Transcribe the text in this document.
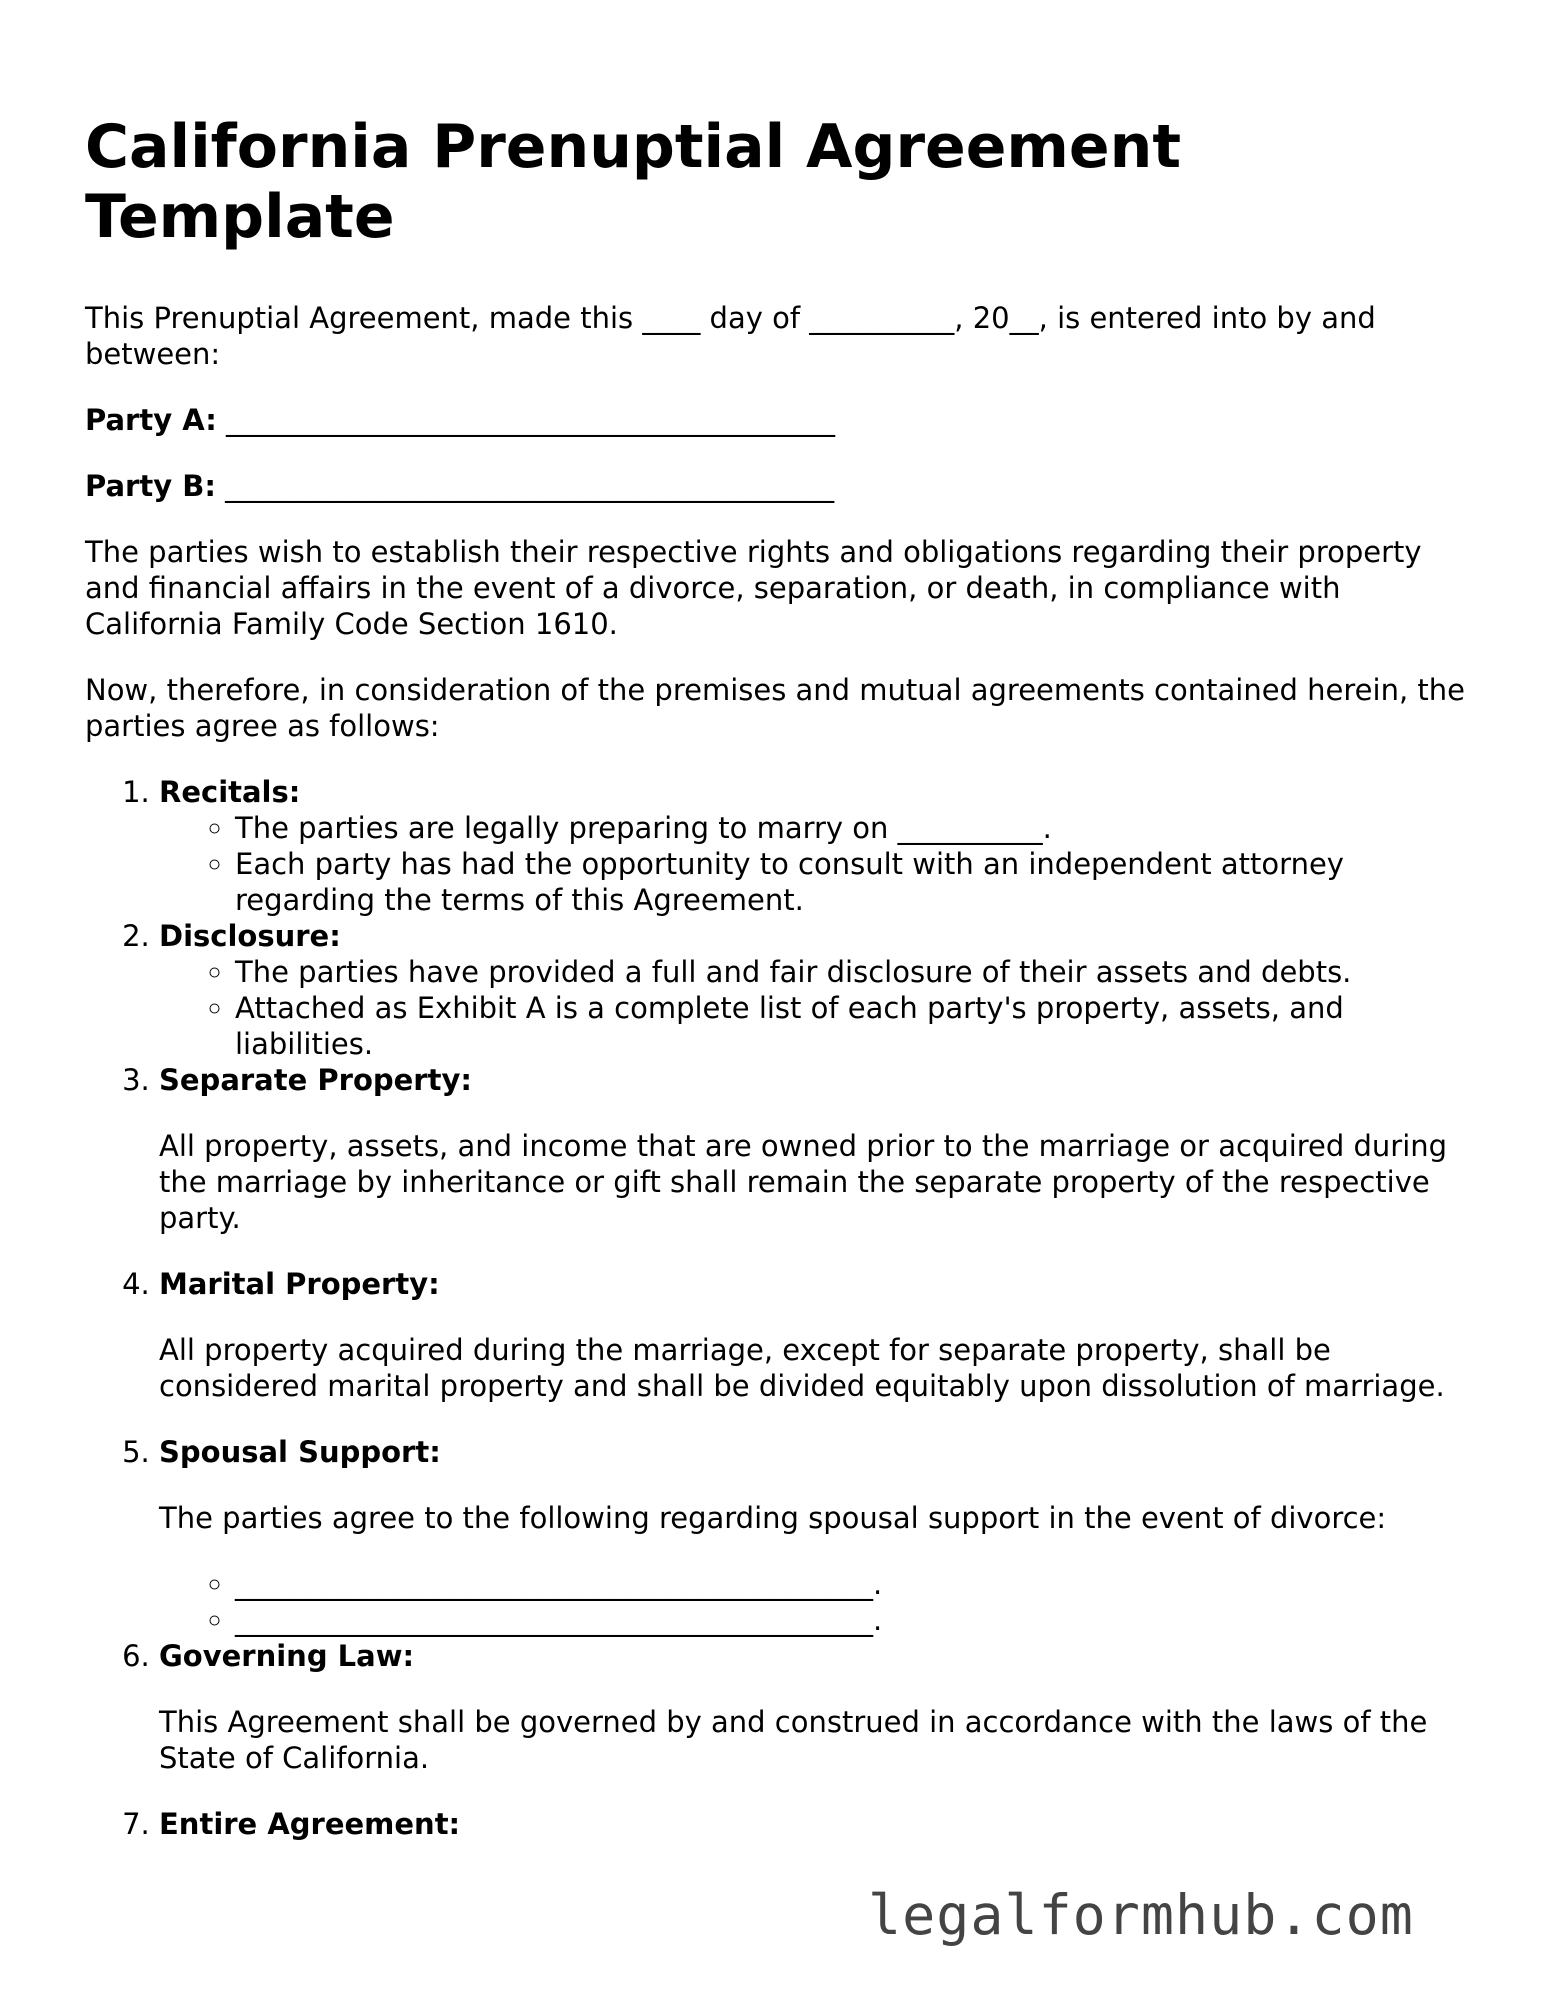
California Prenuptial Agreement Template

This Prenuptial Agreement, made this ____ day of __________, 20__, is entered into by and between:

Party A: __________________________________________

Party B: __________________________________________

The parties wish to establish their respective rights and obligations regarding their property and financial affairs in the event of a divorce, separation, or death, in compliance with California Family Code Section 1610.

Now, therefore, in consideration of the premises and mutual agreements contained herein, the parties agree as follows:

1. Recitals:
◦ The parties are legally preparing to marry on __________.
◦ Each party has had the opportunity to consult with an independent attorney regarding the terms of this Agreement.
2. Disclosure:
◦ The parties have provided a full and fair disclosure of their assets and debts.
◦ Attached as Exhibit A is a complete list of each party's property, assets, and liabilities.
3. Separate Property:

All property, assets, and income that are owned prior to the marriage or acquired during the marriage by inheritance or gift shall remain the separate property of the respective party.

4. Marital Property:

All property acquired during the marriage, except for separate property, shall be considered marital property and shall be divided equitably upon dissolution of marriage.

5. Spousal Support:

The parties agree to the following regarding spousal support in the event of divorce:

◦ ____________________________________________.
◦ ____________________________________________.
6. Governing Law:

This Agreement shall be governed by and construed in accordance with the laws of the State of California.

7. Entire Agreement:
legalformhub.com
